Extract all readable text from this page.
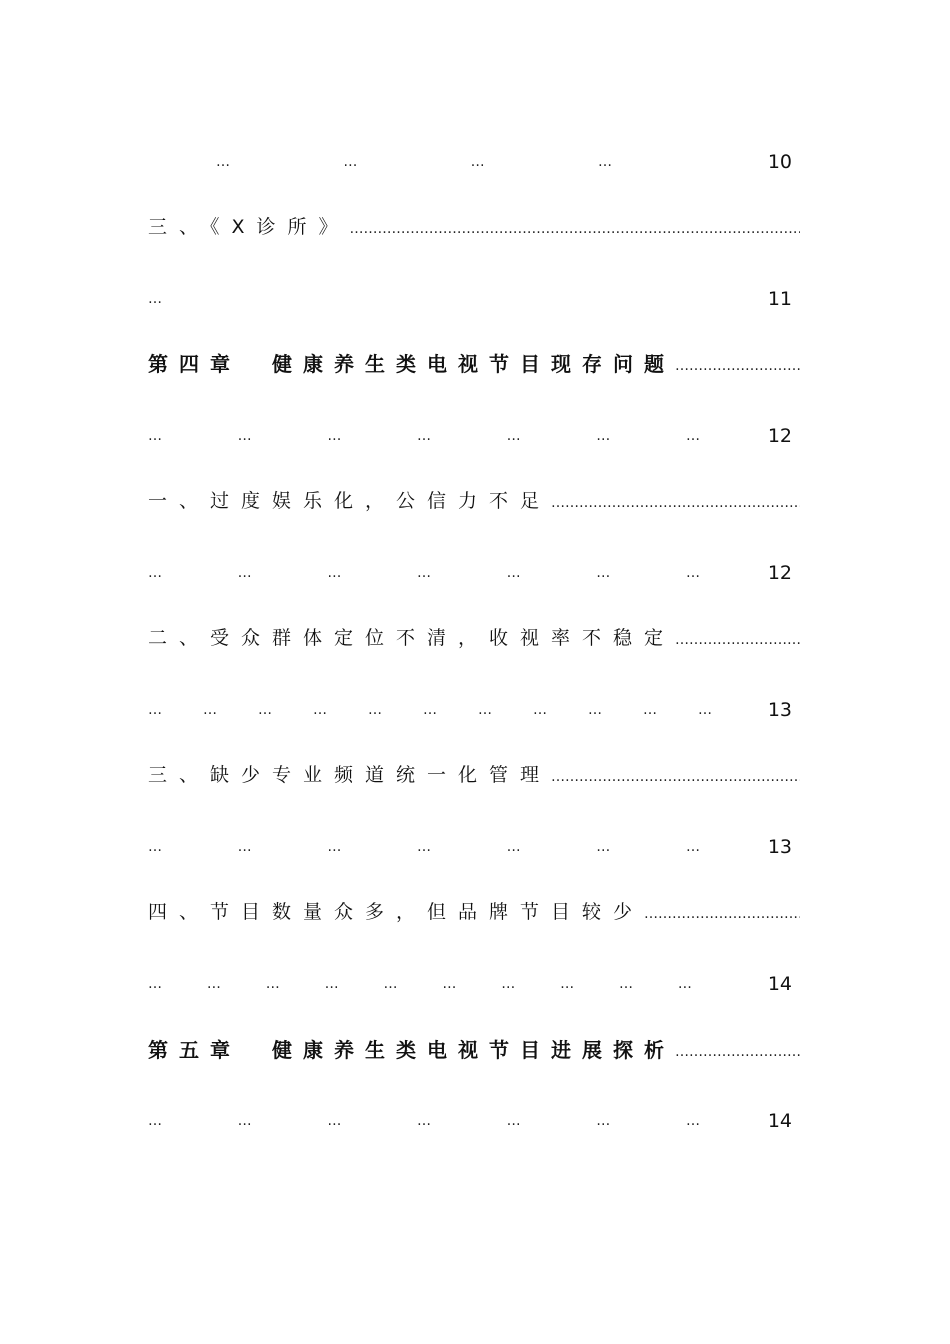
…	…	…	…	10
三、《X诊所》
……………………………………………………………………………………………………………………………………………………
…	11
第四章　健康养生类电视节目现存问题
……………………………………………………………………………………………………………………………………………………
…	…	…	…	…	…	…	12
一、过度娱乐化，公信力不足
……………………………………………………………………………………………………………………………………………………
…	…	…	…	…	…	…	12
二、受众群体定位不清，收视率不稳定
……………………………………………………………………………………………………………………………………………………
…	…	…	…	…	…	…	…	…	…	…	13
三、缺少专业频道统一化管理
……………………………………………………………………………………………………………………………………………………
…	…	…	…	…	…	…	13
四、节目数量众多，但品牌节目较少
……………………………………………………………………………………………………………………………………………………
…	…	…	…	…	…	…	…	…	…	14
第五章　健康养生类电视节目进展探析
……………………………………………………………………………………………………………………………………………………
…	…	…	…	…	…	…	14
